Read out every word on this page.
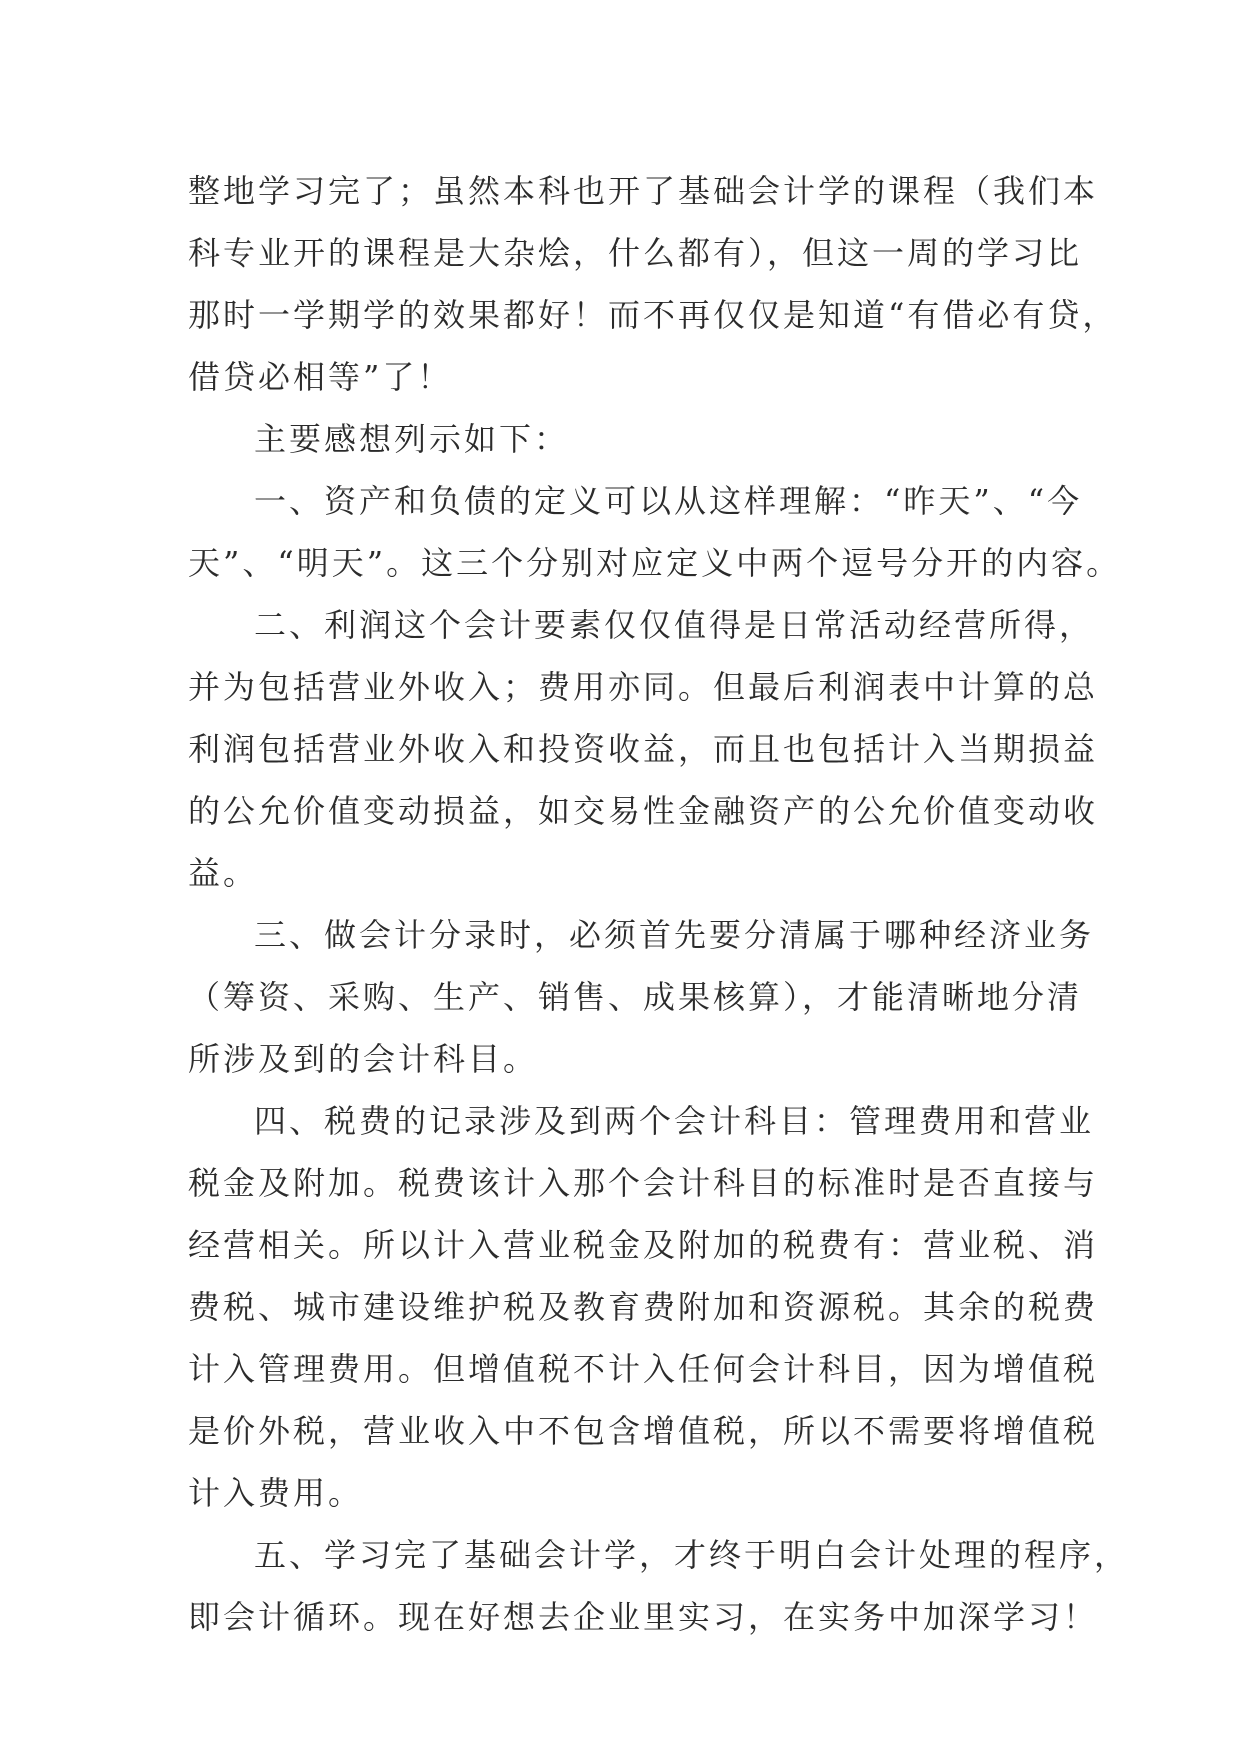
整地学习完了；虽然本科也开了基础会计学的课程（我们本
科专业开的课程是大杂烩，什么都有），但这一周的学习比
那时一学期学的效果都好！而不再仅仅是知道“有借必有贷，
借贷必相等”了！
主要感想列示如下：
一、资产和负债的定义可以从这样理解：“昨天”、“今
天”、“明天”。这三个分别对应定义中两个逗号分开的内容。
二、利润这个会计要素仅仅值得是日常活动经营所得，
并为包括营业外收入；费用亦同。但最后利润表中计算的总
利润包括营业外收入和投资收益，而且也包括计入当期损益
的公允价值变动损益，如交易性金融资产的公允价值变动收
益。
三、做会计分录时，必须首先要分清属于哪种经济业务
（筹资、采购、生产、销售、成果核算），才能清晰地分清
所涉及到的会计科目。
四、税费的记录涉及到两个会计科目：管理费用和营业
税金及附加。税费该计入那个会计科目的标准时是否直接与
经营相关。所以计入营业税金及附加的税费有：营业税、消
费税、城市建设维护税及教育费附加和资源税。其余的税费
计入管理费用。但增值税不计入任何会计科目，因为增值税
是价外税，营业收入中不包含增值税，所以不需要将增值税
计入费用。
五、学习完了基础会计学，才终于明白会计处理的程序，
即会计循环。现在好想去企业里实习，在实务中加深学习！
